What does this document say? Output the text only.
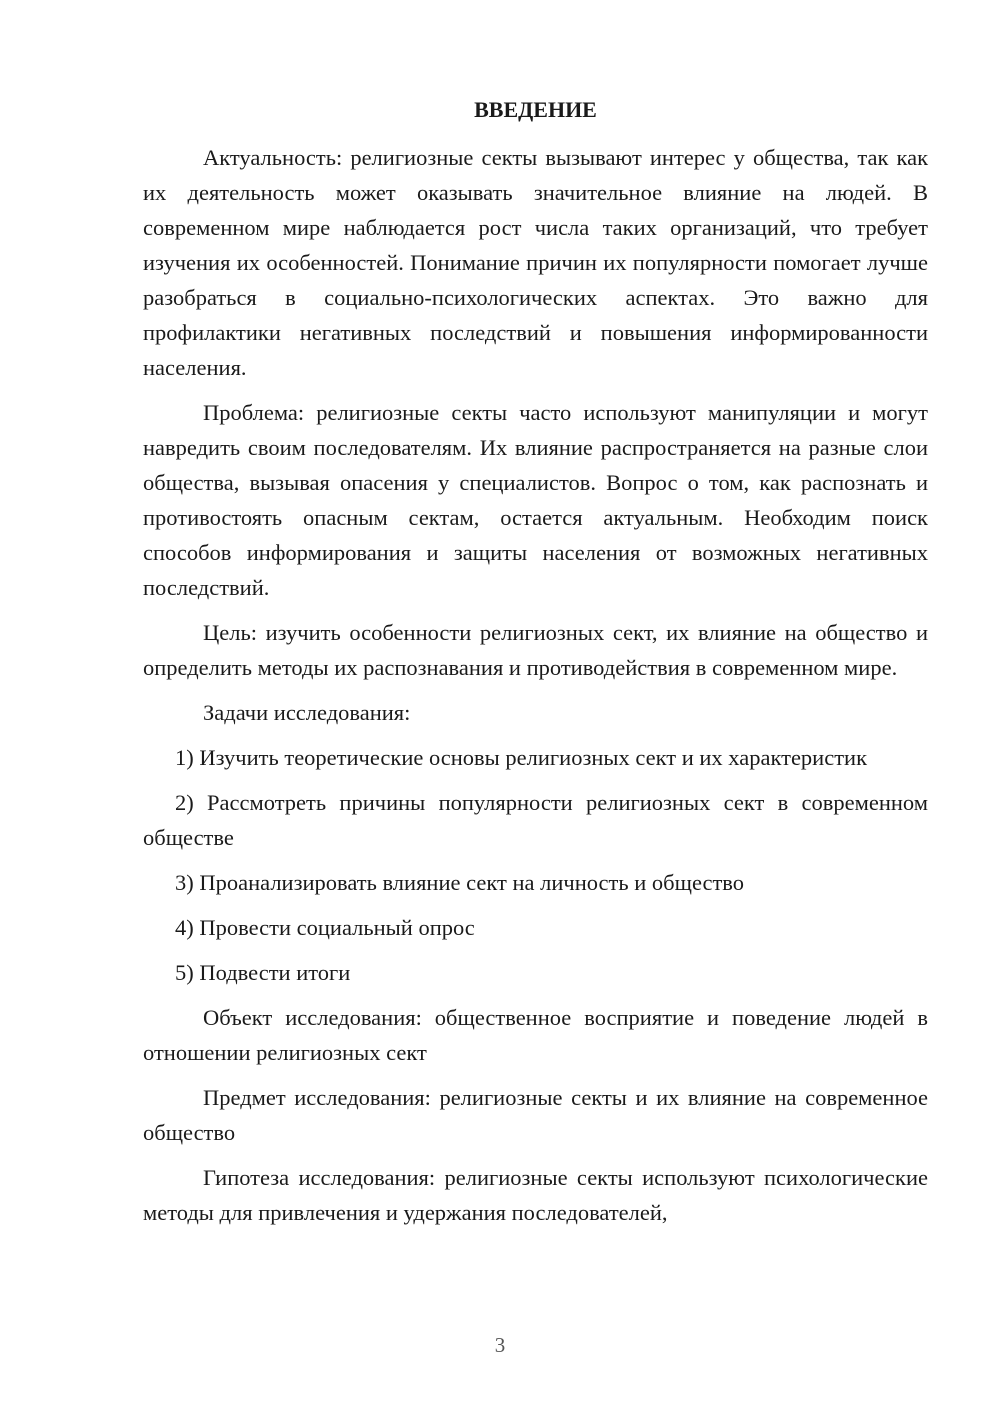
ВВЕДЕНИЕ

Актуальность: религиозные секты вызывают интерес у общества, так как их деятельность может оказывать значительное влияние на людей. В современном мире наблюдается рост числа таких организаций, что требует изучения их особенностей. Понимание причин их популярности помогает лучше разобраться в социально-психологических аспектах. Это важно для профилактики негативных последствий и повышения информированности населения.

Проблема: религиозные секты часто используют манипуляции и могут навредить своим последователям. Их влияние распространяется на разные слои общества, вызывая опасения у специалистов. Вопрос о том, как распознать и противостоять опасным сектам, остается актуальным. Необходим поиск способов информирования и защиты населения от возможных негативных последствий.

Цель: изучить особенности религиозных сект, их влияние на общество и определить методы их распознавания и противодействия в современном мире.

Задачи исследования:

1) Изучить теоретические основы религиозных сект и их характеристик

2) Рассмотреть причины популярности религиозных сект в современном обществе

3) Проанализировать влияние сект на личность и общество

4) Провести социальный опрос

5) Подвести итоги

Объект исследования: общественное восприятие и поведение людей в отношении религиозных сект

Предмет исследования: религиозные секты и их влияние на современное общество

Гипотеза исследования: религиозные секты используют психологические методы для привлечения и удержания последователей,

3
